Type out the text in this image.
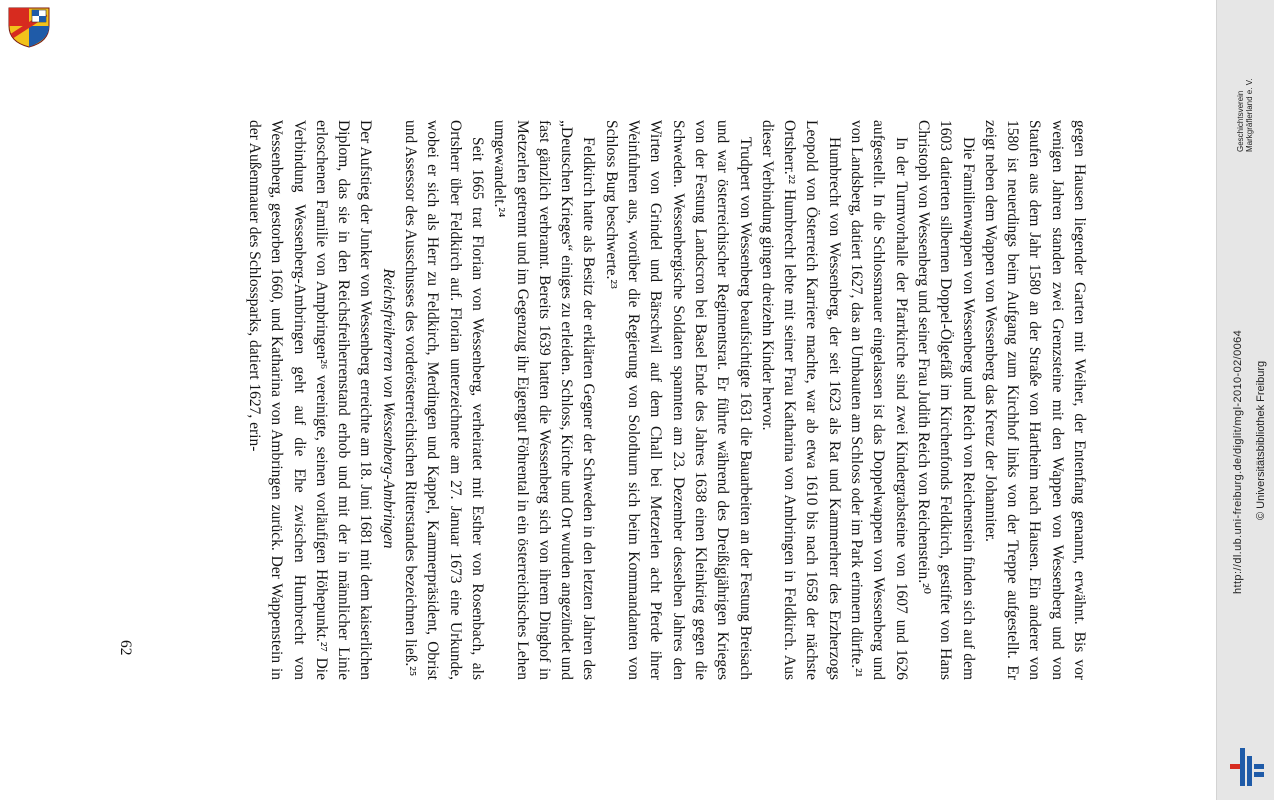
gegen Hausen liegender Garten mit Weiher, der Entenfang genannt, erwähnt. Bis vor wenigen Jahren standen zwei Grenzsteine mit den Wappen von Wessenberg und von Staufen aus dem Jahr 1580 an der Straße von Hartheim nach Hausen. Ein anderer von 1580 ist neuerdings beim Aufgang zum Kirchhof links von der Treppe aufgestellt. Er zeigt neben dem Wappen von Wessenberg das Kreuz der Johanniter.

Die Familienwappen von Wessenberg und Reich von Reichenstein finden sich auf dem 1603 datierten silbernen Doppel-Ölgefäß im Kirchenfonds Feldkirch, gestiftet von Hans Christoph von Wessenberg und seiner Frau Judith Reich von Reichenstein.²⁰

In der Turmvorhalle der Pfarrkirche sind zwei Kindergrabsteine von 1607 und 1626 aufgestellt. In die Schlossmauer eingelassen ist das Doppelwappen von Wessenberg und von Landsberg, datiert 1627, das an Umbauten am Schloss oder im Park erinnern dürfte.²¹

Humbrecht von Wessenberg, der seit 1623 als Rat und Kammerherr des Erzherzogs Leopold von Österreich Karriere machte, war ab etwa 1610 bis nach 1658 der nächste Ortsherr.²² Humbrecht lebte mit seiner Frau Katharina von Ambringen in Feldkirch. Aus dieser Verbindung gingen dreizehn Kinder hervor.

Trudpert von Wessenberg beaufsichtigte 1631 die Bauarbeiten an der Festung Breisach und war österreichischer Regimentsrat. Er führte während des Dreißigjährigen Krieges von der Festung Landscron bei Basel Ende des Jahres 1638 einen Kleinkrieg gegen die Schweden. Wessenbergische Soldaten spannten am 23. Dezember desselben Jahres den Wirten von Grindel und Bärschwil auf dem Chall bei Metzerlen acht Pferde ihrer Weinfuhren aus, worüber die Regierung von Solothurn sich beim Kommandanten von Schloss Burg beschwerte.²³

Feldkirch hatte als Besitz der erklärten Gegner der Schweden in den letzten Jahren des „Deutschen Krieges“ einiges zu erleiden. Schloss, Kirche und Ort wurden angezündet und fast gänzlich verbrannt. Bereits 1639 hatten die Wessenberg sich von ihrem Dinghof in Metzerlen getrennt und im Gegenzug ihr Eigengut Föhrental in ein österreichisches Lehen umgewandelt.²⁴

Seit 1665 trat Florian von Wessenberg, verheiratet mit Esther von Rosenbach, als Ortsherr über Feldkirch auf. Florian unterzeichnete am 27. Januar 1673 eine Urkunde, wobei er sich als Herr zu Feldkirch, Merdingen und Kappel, Kammerpräsident, Obrist und Assessor des Ausschusses des vorderösterreichischen Ritterstandes bezeichnen ließ.²⁵

Reichsfreiherren von Wessenberg-Ambringen

Der Aufstieg der Junker von Wessenberg erreichte am 18. Juni 1681 mit dem kaiserlichen Diplom, das sie in den Reichsfreiherrenstand erhob und mit der in männlicher Linie erloschenen Familie von Ampbringen²⁶ vereinigte, seinen vorläufigen Höhepunkt.²⁷ Die Verbindung Wessenberg-Ambringen geht auf die Ehe zwischen Humbrecht von Wessenberg, gestorben 1660, und Katharina von Ambringen zurück. Der Wappenstein in der Außenmauer des Schlossparks, datiert 1627, erin-

62
Geschichtsverein Markgräflerland e. V.
http://dl.ub.uni-freiburg.de/diglit/mgl-2010-02/0064 © Universitätsbibliothek Freiburg
